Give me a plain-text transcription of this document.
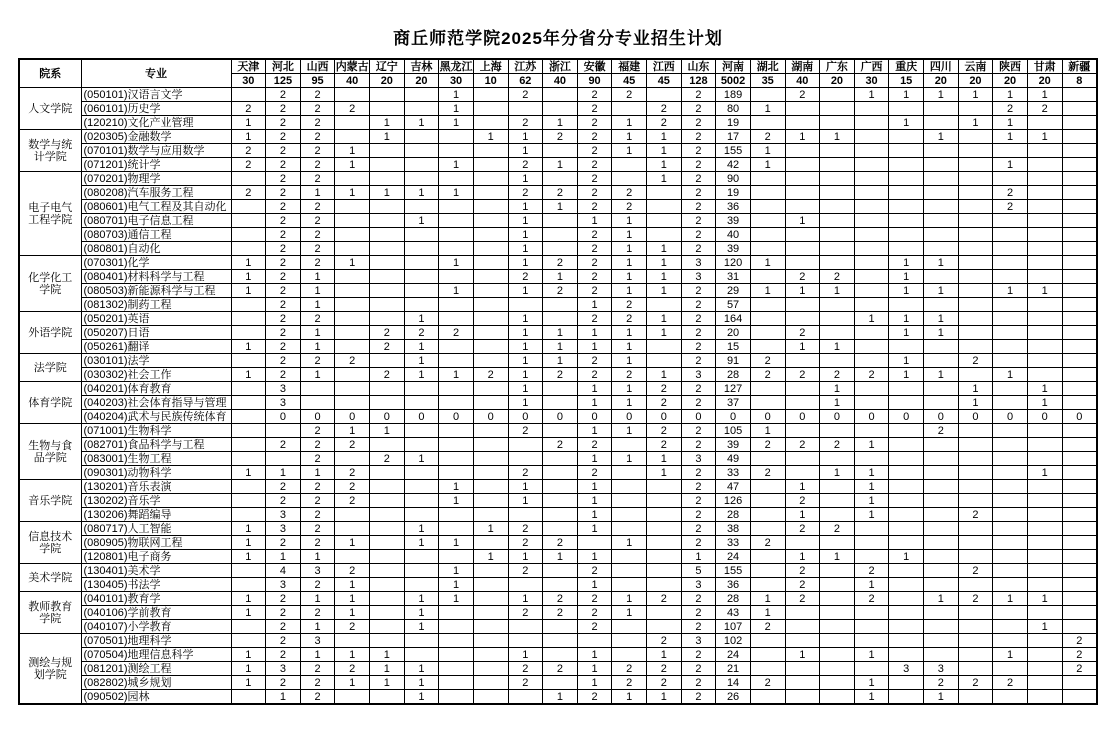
商丘师范学院2025年分省分专业招生计划
院系	专业	天津	河北	山西	内蒙古	辽宁	吉林	黑龙江	上海	江苏	浙江	安徽	福建	江西	山东	河南	湖北	湖南	广东	广西	重庆	四川	云南	陕西	甘肃	新疆
		30	125	95	40	20	20	30	10	62	40	90	45	45	128	5002	35	40	20	30	15	20	20	20	20	8
人文学院	(050101)汉语言文学		2	2				1		2		2	2		2	189		2		1	1	1	1	1	1	
	(060101)历史学	2	2	2	2			1				2		2	2	80	1							2	2	
	(120210)文化产业管理	1	2	2		1	1	1		2	1	2	1	2	2	19					1		1	1		
数学与统计学院	(020305)金融数学	1	2	2		1			1	1	2	2	1	1	2	17	2	1	1			1		1	1	
	(070101)数学与应用数学	2	2	2	1					1		2	1	1	2	155	1									
	(071201)统计学	2	2	2	1			1		2	1	2		1	2	42	1							1		
电子电气工程学院	(070201)物理学		2	2						1		2		1	2	90										
	(080208)汽车服务工程	2	2	1	1	1	1	1		2	2	2	2		2	19								2		
	(080601)电气工程及其自动化		2	2						1	1	2	2		2	36								2		
	(080701)电子信息工程		2	2			1			1		1	1		2	39		1								
	(080703)通信工程		2	2						1		2	1		2	40										
	(080801)自动化		2	2						1		2	1	1	2	39										
化学化工学院	(070301)化学	1	2	2	1			1		1	2	2	1	1	3	120	1				1	1				
	(080401)材料科学与工程	1	2	1						2	1	2	1	1	3	31		2	2		1					
	(080503)新能源科学与工程	1	2	1				1		1	2	2	1	1	2	29	1	1	1		1	1		1	1	
	(081302)制药工程		2	1								1	2		2	57										
外语学院	(050201)英语		2	2			1			1		2	2	1	2	164				1	1	1				
	(050207)日语		2	1		2	2	2		1	1	1	1	1	2	20		2			1	1				
	(050261)翻译	1	2	1		2	1			1	1	1	1		2	15		1	1							
法学院	(030101)法学		2	2	2		1			1	1	2	1		2	91	2				1		2			
	(030302)社会工作	1	2	1		2	1	1	2	1	2	2	2	1	3	28	2	2	2	2	1	1		1		
体育学院	(040201)体育教育		3							1		1	1	2	2	127			1				1		1	
	(040203)社会体育指导与管理		3							1		1	1	2	2	37			1				1		1	
	(040204)武术与民族传统体育		0	0	0	0	0	0	0	0	0	0	0	0	0	0	0	0	0	0	0	0	0	0	0	0
生物与食品学院	(071001)生物科学			2	1	1				2		1	1	2	2	105	1					2				
	(082701)食品科学与工程		2	2	2						2	2		2	2	39	2	2	2	1						
	(083001)生物工程			2		2	1					1	1	1	3	49										
	(090301)动物科学	1	1	1	2					2		2		1	2	33	2		1	1					1	
音乐学院	(130201)音乐表演		2	2	2			1		1		1			2	47		1		1						
	(130202)音乐学		2	2	2			1		1		1			2	126		2		1						
	(130206)舞蹈编导		3	2								1			2	28		1		1			2			
信息技术学院	(080717)人工智能	1	3	2			1		1	2		1			2	38		2	2							
	(080905)物联网工程	1	2	2	1		1	1		2	2		1		2	33	2									
	(120801)电子商务	1	1	1					1	1	1	1			1	24		1	1		1					
美术学院	(130401)美术学		4	3	2			1		2		2			5	155		2		2			2			
	(130405)书法学		3	2	1			1				1			3	36		2		1						
教师教育学院	(040101)教育学	1	2	1	1		1	1		1	2	2	1	2	2	28	1	2		2		1	2	1	1	
	(040106)学前教育	1	2	2	1		1			2	2	2	1		2	43	1									
	(040107)小学教育		2	1	2		1					2			2	107	2								1	
测绘与规划学院	(070501)地理科学		2	3										2	3	102										2
	(070504)地理信息科学	1	2	1	1	1				1		1		1	2	24		1		1				1		2
	(081201)测绘工程	1	3	2	2	1	1			2	2	1	2	2	2	21					3	3				2
	(082802)城乡规划	1	2	2	1	1	1			2		1	2	2	2	14	2			1		2	2	2		
	(090502)园林		1	2			1				1	2	1	1	2	26				1		1				
